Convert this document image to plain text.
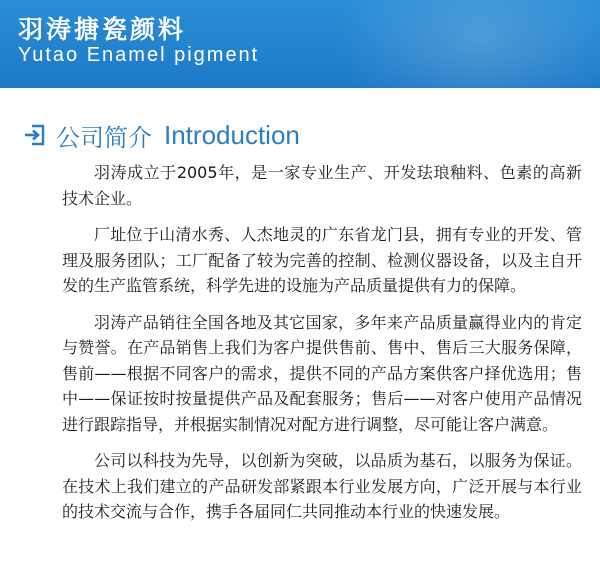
羽涛搪瓷颜料
Yutao Enamel pigment
公司简介 Introduction

羽涛成立于2005年，是一家专业生产、开发珐琅釉料、色素的高新技术企业。

厂址位于山清水秀、人杰地灵的广东省龙门县，拥有专业的开发、管理及服务团队；工厂配备了较为完善的控制、检测仪器设备，以及主自开发的生产监管系统，科学先进的设施为产品质量提供有力的保障。

羽涛产品销往全国各地及其它国家，多年来产品质量赢得业内的肯定与赞誉。在产品销售上我们为客户提供售前、售中、售后三大服务保障，售前——根据不同客户的需求，提供不同的产品方案供客户择优选用；售中——保证按时按量提供产品及配套服务；售后——对客户使用产品情况进行跟踪指导，并根据实制情况对配方进行调整，尽可能让客户满意。

公司以科技为先导，以创新为突破，以品质为基石，以服务为保证。在技术上我们建立的产品研发部紧跟本行业发展方向，广泛开展与本行业的技术交流与合作，携手各届同仁共同推动本行业的快速发展。
